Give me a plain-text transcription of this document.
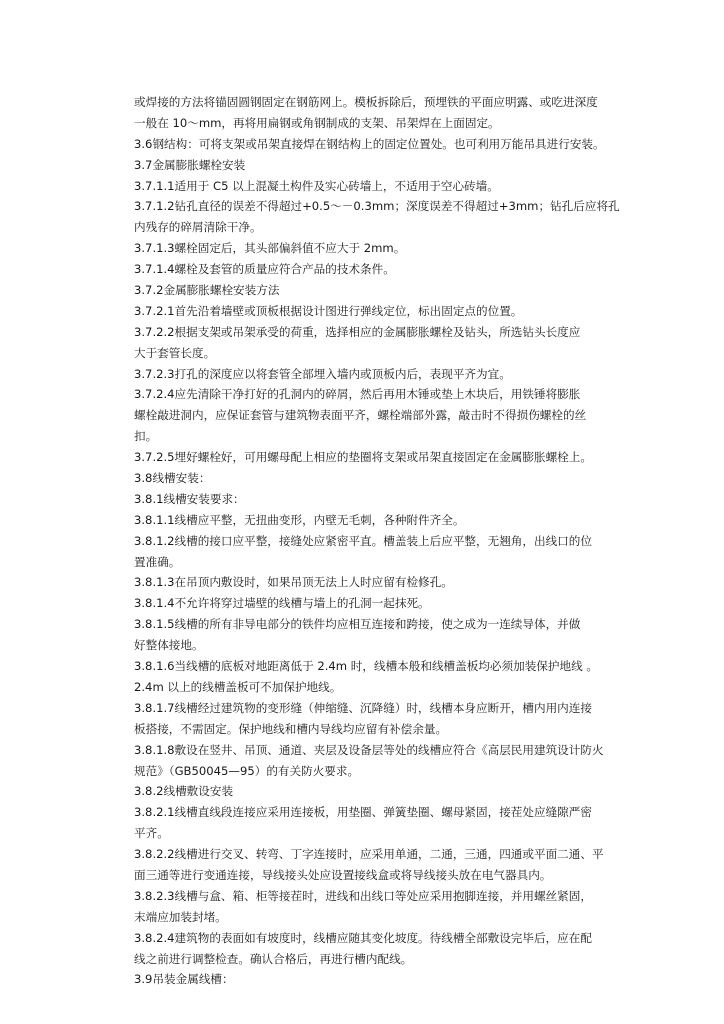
或焊接的方法将锚固圆钢固定在钢筋网上。模板拆除后，预埋铁的平面应明露、或吃进深度
一般在 10～mm，再将用扁钢或角钢制成的支架、吊架焊在上面固定。
3.6钢结构：可将支架或吊架直接焊在钢结构上的固定位置处。也可利用万能吊具进行安装。
3.7金属膨胀螺栓安装
3.7.1.1适用于 C5 以上混凝土构件及实心砖墙上，不适用于空心砖墙。
3.7.1.2钻孔直径的误差不得超过+0.5～－0.3mm；深度误差不得超过+3mm；钻孔后应将孔
内残存的碎屑清除干净。
3.7.1.3螺栓固定后，其头部偏斜值不应大于 2mm。
3.7.1.4螺栓及套管的质量应符合产品的技术条件。
3.7.2金属膨胀螺栓安装方法
3.7.2.1首先沿着墙壁或顶板根据设计图进行弹线定位，标出固定点的位置。
3.7.2.2根据支架或吊架承受的荷重，选择相应的金属膨胀螺栓及钻头，所选钻头长度应
大于套管长度。
3.7.2.3打孔的深度应以将套管全部埋入墙内或顶板内后，表现平齐为宜。
3.7.2.4应先清除干净打好的孔洞内的碎屑，然后再用木锤或垫上木块后，用铁锤将膨胀
螺栓敲进洞内，应保证套管与建筑物表面平齐，螺栓端部外露，敲击时不得损伤螺栓的丝
扣。
3.7.2.5埋好螺栓好，可用螺母配上相应的垫圈将支架或吊架直接固定在金属膨胀螺栓上。
3.8线槽安装：
3.8.1线槽安装要求：
3.8.1.1线槽应平整，无扭曲变形，内壁无毛刺，各种附件齐全。
3.8.1.2线槽的接口应平整，接缝处应紧密平直。槽盖装上后应平整，无翘角，出线口的位
置准确。
3.8.1.3在吊顶内敷设时，如果吊顶无法上人时应留有检修孔。
3.8.1.4不允许将穿过墙壁的线槽与墙上的孔洞一起抹死。
3.8.1.5线槽的所有非导电部分的铁件均应相互连接和跨接，使之成为一连续导体，并做
好整体接地。
3.8.1.6当线槽的底板对地距离低于 2.4m 时，线槽本般和线槽盖板均必须加装保护地线 。
2.4m 以上的线槽盖板可不加保护地线。
3.8.1.7线槽经过建筑物的变形缝（伸缩缝、沉降缝）时，线槽本身应断开，槽内用内连接
板搭接，不需固定。保护地线和槽内导线均应留有补偿余量。
3.8.1.8敷设在竖井、吊顶、通道、夹层及设备层等处的线槽应符合《高层民用建筑设计防火
规范》（GB50045—95）的有关防火要求。
3.8.2线槽敷设安装
3.8.2.1线槽直线段连接应采用连接板，用垫圈、弹簧垫圈、螺母紧固，接茬处应缝隙严密
平齐。
3.8.2.2线槽进行交叉、转弯、丁字连接时，应采用单通，二通，三通，四通或平面二通、平
面三通等进行变通连接，导线接头处应设置接线盒或将导线接头放在电气器具内。
3.8.2.3线槽与盒、箱、柜等接茬时，进线和出线口等处应采用抱脚连接，并用螺丝紧固，
末端应加装封堵。
3.8.2.4建筑物的表面如有坡度时，线槽应随其变化坡度。待线槽全部敷设完毕后，应在配
线之前进行调整检查。确认合格后，再进行槽内配线。
3.9吊装金属线槽：
